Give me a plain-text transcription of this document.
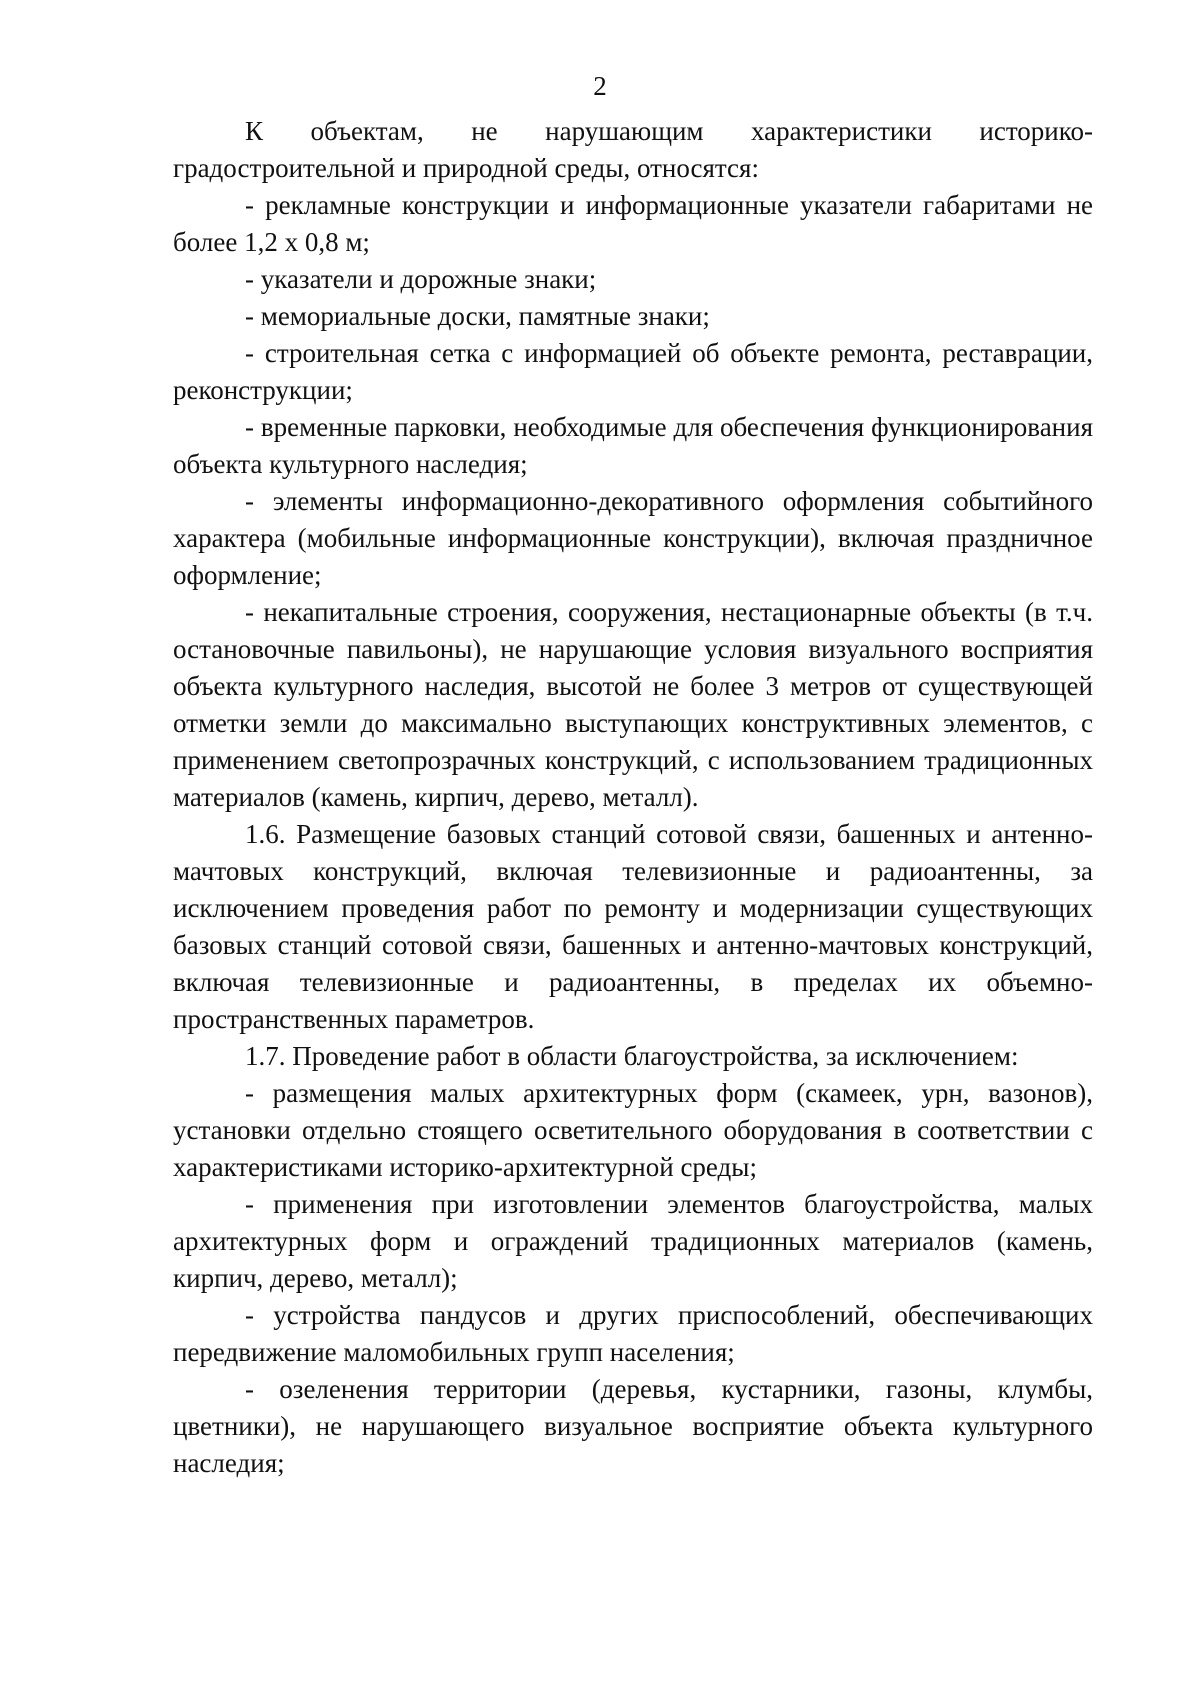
2

К объектам, не нарушающим характеристики историко-градостроительной и природной среды, относятся:

- рекламные конструкции и информационные указатели габаритами не более 1,2 х 0,8 м;

- указатели и дорожные знаки;

- мемориальные доски, памятные знаки;

- строительная сетка с информацией об объекте ремонта, реставрации, реконструкции;

- временные парковки, необходимые для обеспечения функционирования объекта культурного наследия;

- элементы информационно-декоративного оформления событийного характера (мобильные информационные конструкции), включая праздничное оформление;

- некапитальные строения, сооружения, нестационарные объекты (в т.ч. остановочные павильоны), не нарушающие условия визуального восприятия объекта культурного наследия, высотой не более 3 метров от существующей отметки земли до максимально выступающих конструктивных элементов, с применением светопрозрачных конструкций, с использованием традиционных материалов (камень, кирпич, дерево, металл).

1.6. Размещение базовых станций сотовой связи, башенных и антенно-мачтовых конструкций, включая телевизионные и радиоантенны, за исключением проведения работ по ремонту и модернизации существующих базовых станций сотовой связи, башенных и антенно-мачтовых конструкций, включая телевизионные и радиоантенны, в пределах их объемно-пространственных параметров.

1.7. Проведение работ в области благоустройства, за исключением:

- размещения малых архитектурных форм (скамеек, урн, вазонов), установки отдельно стоящего осветительного оборудования в соответствии с характеристиками историко-архитектурной среды;

- применения при изготовлении элементов благоустройства, малых архитектурных форм и ограждений традиционных материалов (камень, кирпич, дерево, металл);

- устройства пандусов и других приспособлений, обеспечивающих передвижение маломобильных групп населения;

- озеленения территории (деревья, кустарники, газоны, клумбы, цветники), не нарушающего визуальное восприятие объекта культурного наследия;
